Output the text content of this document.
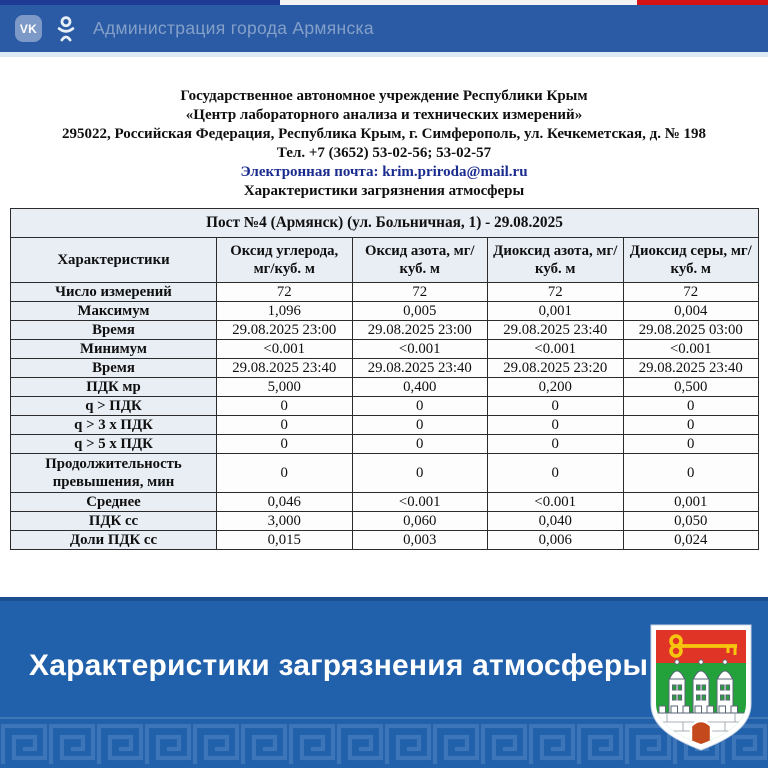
VK	Администрация города Армянска

Государственное автономное учреждение Республики Крым

«Центр лабораторного анализа и технических измерений»

295022, Российская Федерация, Республика Крым, г. Симферополь, ул. Кечкеметская, д. № 198

Тел. +7 (3652) 53-02-56; 53-02-57

Электронная почта: krim.priroda@mail.ru

Характеристики загрязнения атмосферы

Пост №4 (Армянск) (ул. Больничная, 1) - 29.08.2025				
Характеристики	Оксид углерода, мг/куб. м	Оксид азота, мг/куб. м	Диоксид азота, мг/куб. м	Диоксид серы, мг/куб. м
Число измерений	72	72	72	72
Максимум	1,096	0,005	0,001	0,004
Время	29.08.2025 23:00	29.08.2025 23:00	29.08.2025 23:40	29.08.2025 03:00
Минимум	<0.001	<0.001	<0.001	<0.001
Время	29.08.2025 23:40	29.08.2025 23:40	29.08.2025 23:20	29.08.2025 23:40
ПДК мр	5,000	0,400	0,200	0,500
q > ПДК	0	0	0	0
q > 3 х ПДК	0	0	0	0
q > 5 х ПДК	0	0	0	0
Продолжительность превышения, мин	0	0	0	0
Среднее	0,046	<0.001	<0.001	0,001
ПДК сс	3,000	0,060	0,040	0,050
Доли ПДК сс	0,015	0,003	0,006	0,024
Характеристики загрязнения атмосферы
